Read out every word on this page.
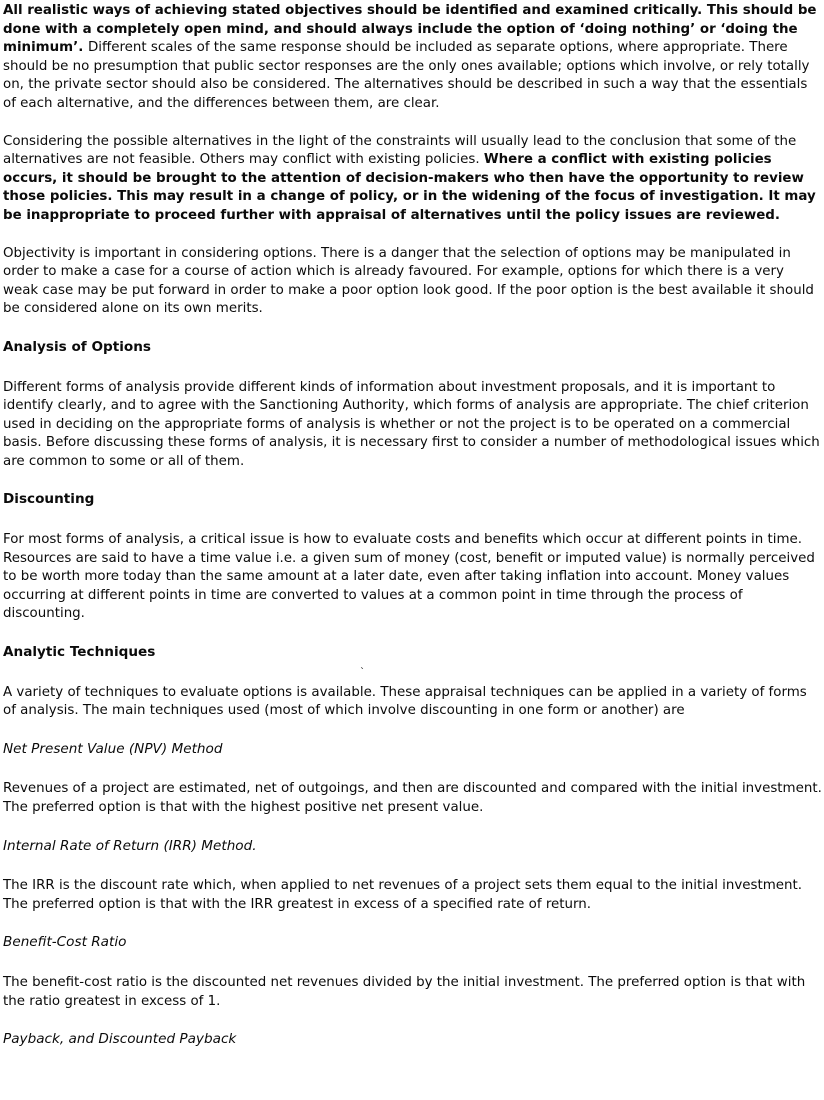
All realistic ways of achieving stated objectives should be identified and examined critically. This should be done with a completely open mind, and should always include the option of ‘doing nothing’ or ‘doing the minimum’. Different scales of the same response should be included as separate options, where appropriate. There should be no presumption that public sector responses are the only ones available; options which involve, or rely totally on, the private sector should also be considered. The alternatives should be described in such a way that the essentials of each alternative, and the differences between them, are clear.

Considering the possible alternatives in the light of the constraints will usually lead to the conclusion that some of the alternatives are not feasible. Others may conflict with existing policies. Where a conflict with existing policies occurs, it should be brought to the attention of decision-makers who then have the opportunity to review those policies. This may result in a change of policy, or in the widening of the focus of investigation. It may be inappropriate to proceed further with appraisal of alternatives until the policy issues are reviewed.

Objectivity is important in considering options. There is a danger that the selection of options may be manipulated in order to make a case for a course of action which is already favoured. For example, options for which there is a very weak case may be put forward in order to make a poor option look good. If the poor option is the best available it should be considered alone on its own merits.

Analysis of Options

Different forms of analysis provide different kinds of information about investment proposals, and it is important to identify clearly, and to agree with the Sanctioning Authority, which forms of analysis are appropriate. The chief criterion used in deciding on the appropriate forms of analysis is whether or not the project is to be operated on a commercial basis. Before discussing these forms of analysis, it is necessary first to consider a number of methodological issues which are common to some or all of them.

Discounting

For most forms of analysis, a critical issue is how to evaluate costs and benefits which occur at different points in time. Resources are said to have a time value i.e. a given sum of money (cost, benefit or imputed value) is normally perceived to be worth more today than the same amount at a later date, even after taking inflation into account. Money values occurring at different points in time are converted to values at a common point in time through the process of discounting.

Analytic Techniques

A variety of techniques to evaluate options is available. These appraisal techniques can be applied in a variety of forms of analysis. The main techniques used (most of which involve discounting in one form or another) are

Net Present Value (NPV) Method

Revenues of a project are estimated, net of outgoings, and then are discounted and compared with the initial investment. The preferred option is that with the highest positive net present value.

Internal Rate of Return (IRR) Method.

The IRR is the discount rate which, when applied to net revenues of a project sets them equal to the initial investment. The preferred option is that with the IRR greatest in excess of a specified rate of return.

Benefit-Cost Ratio

The benefit-cost ratio is the discounted net revenues divided by the initial investment. The preferred option is that with the ratio greatest in excess of 1.

Payback, and Discounted Payback

`
